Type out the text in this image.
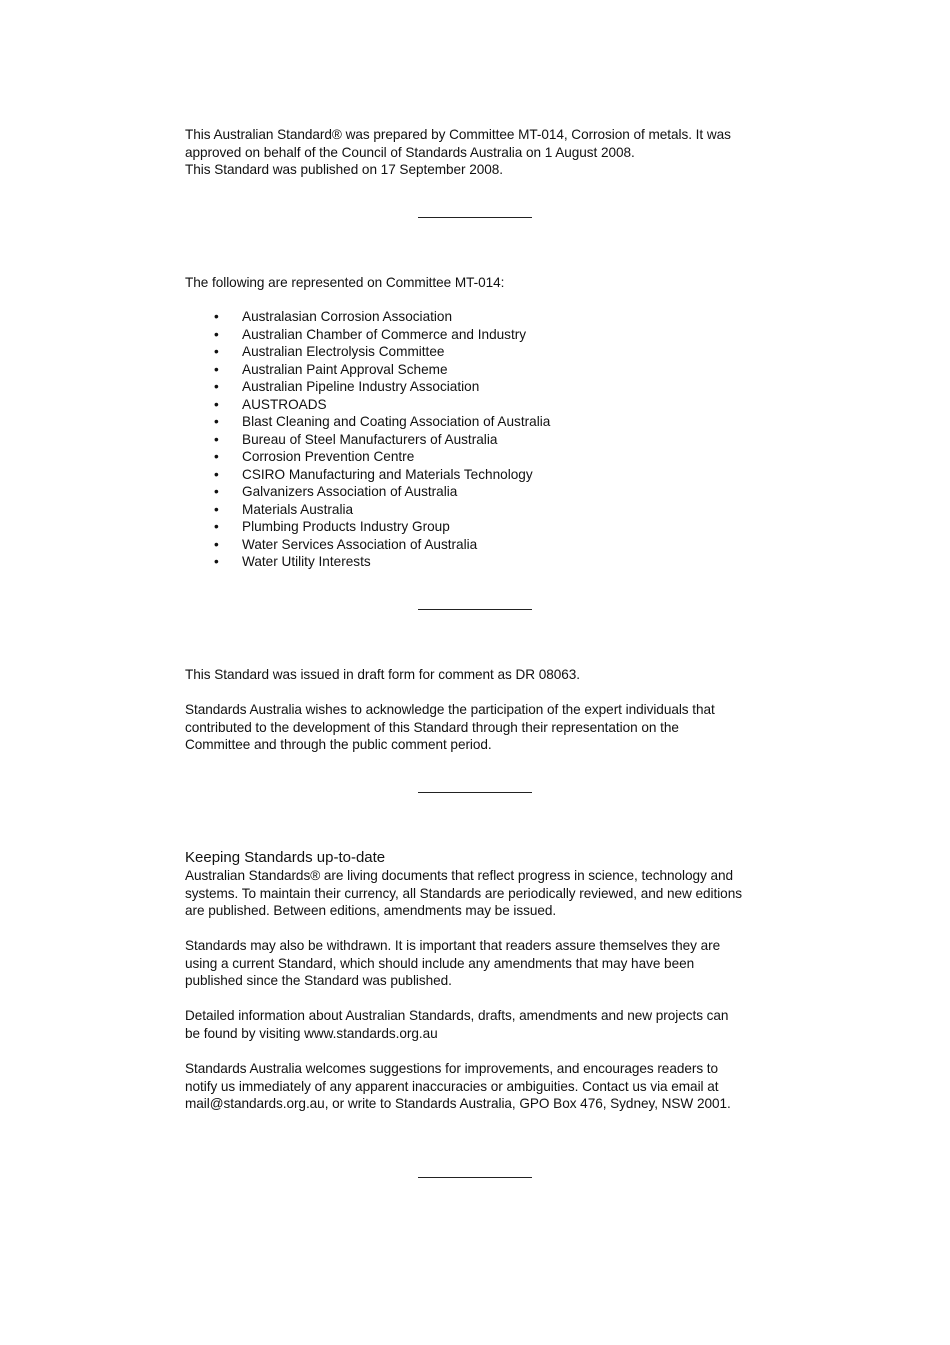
This Australian Standard® was prepared by Committee MT-014, Corrosion of metals. It was
approved on behalf of the Council of Standards Australia on 1 August 2008.
This Standard was published on 17 September 2008.
The following are represented on Committee MT-014:
• Australasian Corrosion Association
• Australian Chamber of Commerce and Industry
• Australian Electrolysis Committee
• Australian Paint Approval Scheme
• Australian Pipeline Industry Association
• AUSTROADS
• Blast Cleaning and Coating Association of Australia
• Bureau of Steel Manufacturers of Australia
• Corrosion Prevention Centre
• CSIRO Manufacturing and Materials Technology
• Galvanizers Association of Australia
• Materials Australia
• Plumbing Products Industry Group
• Water Services Association of Australia
• Water Utility Interests
This Standard was issued in draft form for comment as DR 08063.
Standards Australia wishes to acknowledge the participation of the expert individuals that
contributed to the development of this Standard through their representation on the
Committee and through the public comment period.
Keeping Standards up-to-date
Australian Standards® are living documents that reflect progress in science, technology and
systems. To maintain their currency, all Standards are periodically reviewed, and new editions
are published. Between editions, amendments may be issued.
Standards may also be withdrawn. It is important that readers assure themselves they are
using a current Standard, which should include any amendments that may have been
published since the Standard was published.
Detailed information about Australian Standards, drafts, amendments and new projects can
be found by visiting www.standards.org.au
Standards Australia welcomes suggestions for improvements, and encourages readers to
notify us immediately of any apparent inaccuracies or ambiguities. Contact us via email at
mail@standards.org.au, or write to Standards Australia, GPO Box 476, Sydney, NSW 2001.
